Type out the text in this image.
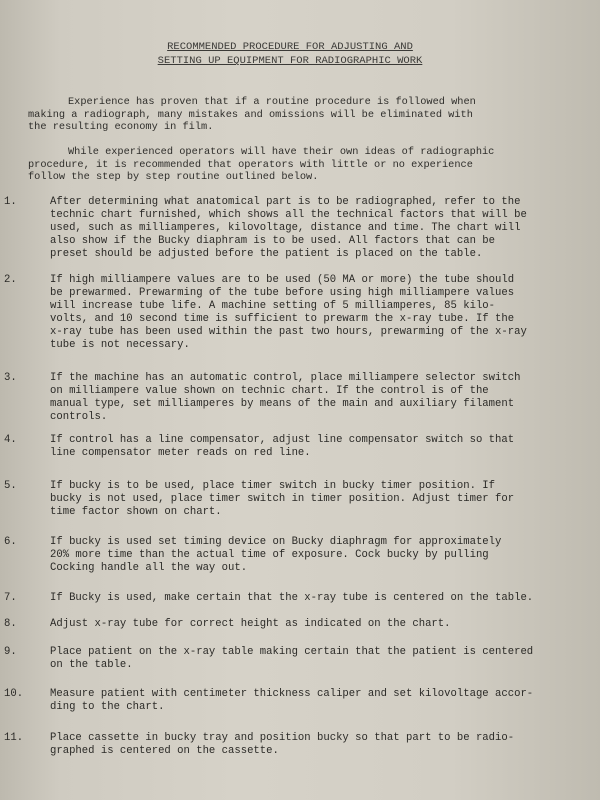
RECOMMENDED PROCEDURE FOR ADJUSTING AND
SETTING UP EQUIPMENT FOR RADIOGRAPHIC WORK

Experience has proven that if a routine procedure is followed when
making a radiograph, many mistakes and omissions will be eliminated with
the resulting economy in film.

While experienced operators will have their own ideas of radiographic
procedure, it is recommended that operators with little or no experience
follow the step by step routine outlined below.

1.	After determining what anatomical part is to be radiographed, refer to the
technic chart furnished, which shows all the technical factors that will be
used, such as milliamperes, kilovoltage, distance and time. The chart will
also show if the Bucky diaphram is to be used. All factors that can be
preset should be adjusted before the patient is placed on the table.
2.	If high milliampere values are to be used (50 MA or more) the tube should
be prewarmed. Prewarming of the tube before using high milliampere values
will increase tube life. A machine setting of 5 milliamperes, 85 kilo-
volts, and 10 second time is sufficient to prewarm the x-ray tube. If the
x-ray tube has been used within the past two hours, prewarming of the x-ray
tube is not necessary.
3.	If the machine has an automatic control, place milliampere selector switch
on milliampere value shown on technic chart. If the control is of the
manual type, set milliamperes by means of the main and auxiliary filament
controls.
4.	If control has a line compensator, adjust line compensator switch so that
line compensator meter reads on red line.
5.	If bucky is to be used, place timer switch in bucky timer position. If
bucky is not used, place timer switch in timer position. Adjust timer for
time factor shown on chart.
6.	If bucky is used set timing device on Bucky diaphragm for approximately
20% more time than the actual time of exposure. Cock bucky by pulling
Cocking handle all the way out.
7.	If Bucky is used, make certain that the x-ray tube is centered on the table.
8.	Adjust x-ray tube for correct height as indicated on the chart.
9.	Place patient on the x-ray table making certain that the patient is centered
on the table.
10.	Measure patient with centimeter thickness caliper and set kilovoltage accor-
ding to the chart.
11.	Place cassette in bucky tray and position bucky so that part to be radio-
graphed is centered on the cassette.
